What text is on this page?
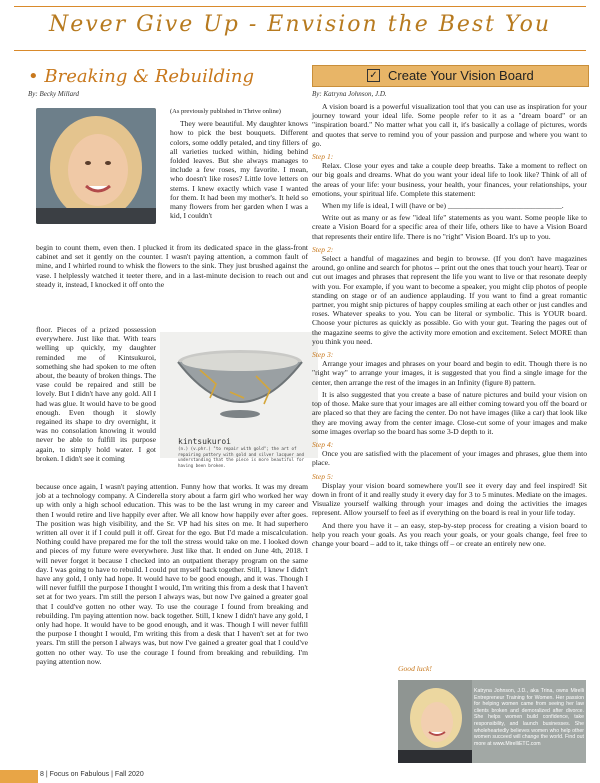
Never Give Up - Envision the Best You
• Breaking & Rebuilding
By: Becky Millard
✓ Create Your Vision Board
By: Katryna Johnson, J.D.
(As previously published in Thrive online)

They were beautiful. My daughter knows how to pick the best bouquets. Different colors, some oddly petaled, and tiny fillers of all varieties tucked within, hiding behind folded leaves. But she always manages to include a few roses, my favorite. I mean, who doesn't like roses? Little love letters on stems. I knew exactly which vase I wanted for them. It had been my mother's. It held so many flowers from her garden when I was a kid, I couldn't

begin to count them, even then. I plucked it from its dedicated space in the glass-front cabinet and set it gently on the counter. I wasn't paying attention, a common fault of mine, and I whirled round to whisk the flowers to the sink. They just brushed against the vase. I helplessly watched it teeter there, and in a last-minute decision to reach out and steady it, instead, I knocked it off onto the
floor. Pieces of a prized possession everywhere. Just like that. With tears welling up quickly, my daughter reminded me of Kintsukuroi, something she had spoken to me often about, the beauty of broken things. The vase could be repaired and still be lovely. But I didn't have any gold. All I had was glue. It would have to be good enough. Even though it slowly regained its shape to dry overnight, it was no consolation knowing it would never be able to fulfill its purpose again, to simply hold water. I got broken. I didn't see it coming
kintsukuroi
(n.) (v.phr.) "to repair with gold"; the art of repairing pottery with gold and silver lacquer and understanding that the piece is more beautiful for having been broken.
because once again, I wasn't paying attention. Funny how that works. It was my dream job at a technology company. A Cinderella story about a farm girl who worked her way up with only a high school education. This was to be the last wrung in my career and then I would retire and live happily ever after. We all know how happily ever after goes. The position was high visibility, and the Sr. VP had his sites on me. It had superhero written all over it if I could pull it off. Great for the ego. But I'd made a miscalculation. Nothing could have prepared me for the toll the stress would take on me. I looked down and pieces of my future were everywhere. Just like that. It ended on June 4th, 2018. I will never forget it because I checked into an outpatient therapy program on the same day. I was going to have to rebuild. I could put myself back together. Still, I knew I didn't have any gold, I only had hope. It would have to be good enough, and it was. Though I will never fulfill the purpose I thought I would, I'm writing this from a desk that I haven't set at for two years. I'm still the person I always was, but now I've gained a greater goal that I could've gotten no other way. To use the courage I found from breaking and rebuilding. I'm paying attention now. back together. Still, I knew I didn't have any gold, I only had hope. It would have to be good enough, and it was. Though I will never fulfill the purpose I thought I would, I'm writing this from a desk that I haven't set at for two years. I'm still the person I always was, but now I've gained a greater goal that I could've gotten no other way. To use the courage I found from breaking and rebuilding. I'm paying attention now.

A vision board is a powerful visualization tool that you can use as inspiration for your journey toward your ideal life. Some people refer to it as a "dream board" or an "inspiration board." No matter what you call it, it's basically a collage of pictures, words and quotes that serve to remind you of your passion and purpose and where you want to go.

Step 1:

Relax. Close your eyes and take a couple deep breaths. Take a moment to reflect on our big goals and dreams. What do you want your ideal life to look like? Think of all of the areas of your life: your business, your health, your finances, your relationships, your emotions, your spiritual life. Complete this statement:

When my life is ideal, I will (have or be) ______________________________.

Write out as many or as few "ideal life" statements as you want. Some people like to create a Vision Board for a specific area of their life, others like to have a Vision Board that represents their entire life. There is no "right" Vision Board. It's up to you.

Step 2:

Select a handful of magazines and begin to browse. (If you don't have magazines around, go online and search for photos -- print out the ones that touch your heart). Tear or cut out images and phrases that represent the life you want to live or that resonate deeply with you. For example, if you want to become a speaker, you might clip photos of people standing on stage or of an audience applauding. If you want to find a great romantic partner, you might snip pictures of happy couples smiling at each other or just candles and roses. Whatever speaks to you. You can be literal or symbolic. This is YOUR board. Choose your pictures as quickly as possible. Go with your gut. Tearing the pages out of the magazine seems to give the activity more emotion and excitement. Select MORE than you think you need.

Step 3:

Arrange your images and phrases on your board and begin to edit. Though there is no "right way" to arrange your images, it is suggested that you find a single image for the center, then arrange the rest of the images in an Infinity (figure 8) pattern.

It is also suggested that you create a base of nature pictures and build your vision on top of those. Make sure that your images are all either coming toward you off the board or are placed so that they are facing the center. Do not have images (like a car) that look like they are moving away from the center image. Close-cut some of your images and make some images overlap so the board has some 3-D depth to it.

Step 4:

Once you are satisfied with the placement of your images and phrases, glue them into place.

Step 5:

Display your vision board somewhere you'll see it every day and feel inspired! Sit down in front of it and really study it every day for 3 to 5 minutes. Mediate on the images. Visualize yourself walking through your images and doing the activities the images represent. Allow yourself to feel as if everything on the board is real in your life today.

And there you have it – an easy, step-by-step process for creating a vision board to help you reach your goals. As you reach your goals, or your goals change, feel free to change your board – add to it, take things off – or create an entirely new one.

Good luck!
Katryna Johnson, J.D., aka Trina, owns Mirelli Entrepreneur Training for Women. Her passion for helping women came from seeing her law clients broken and demoralized after divorce. She helps women build confidence, take responsibility, and launch businesses. She wholeheartedly believes women who help other women succeed will change the world. Find out more at www.MirelliETC.com
8 | Focus on Fabulous | Fall 2020
